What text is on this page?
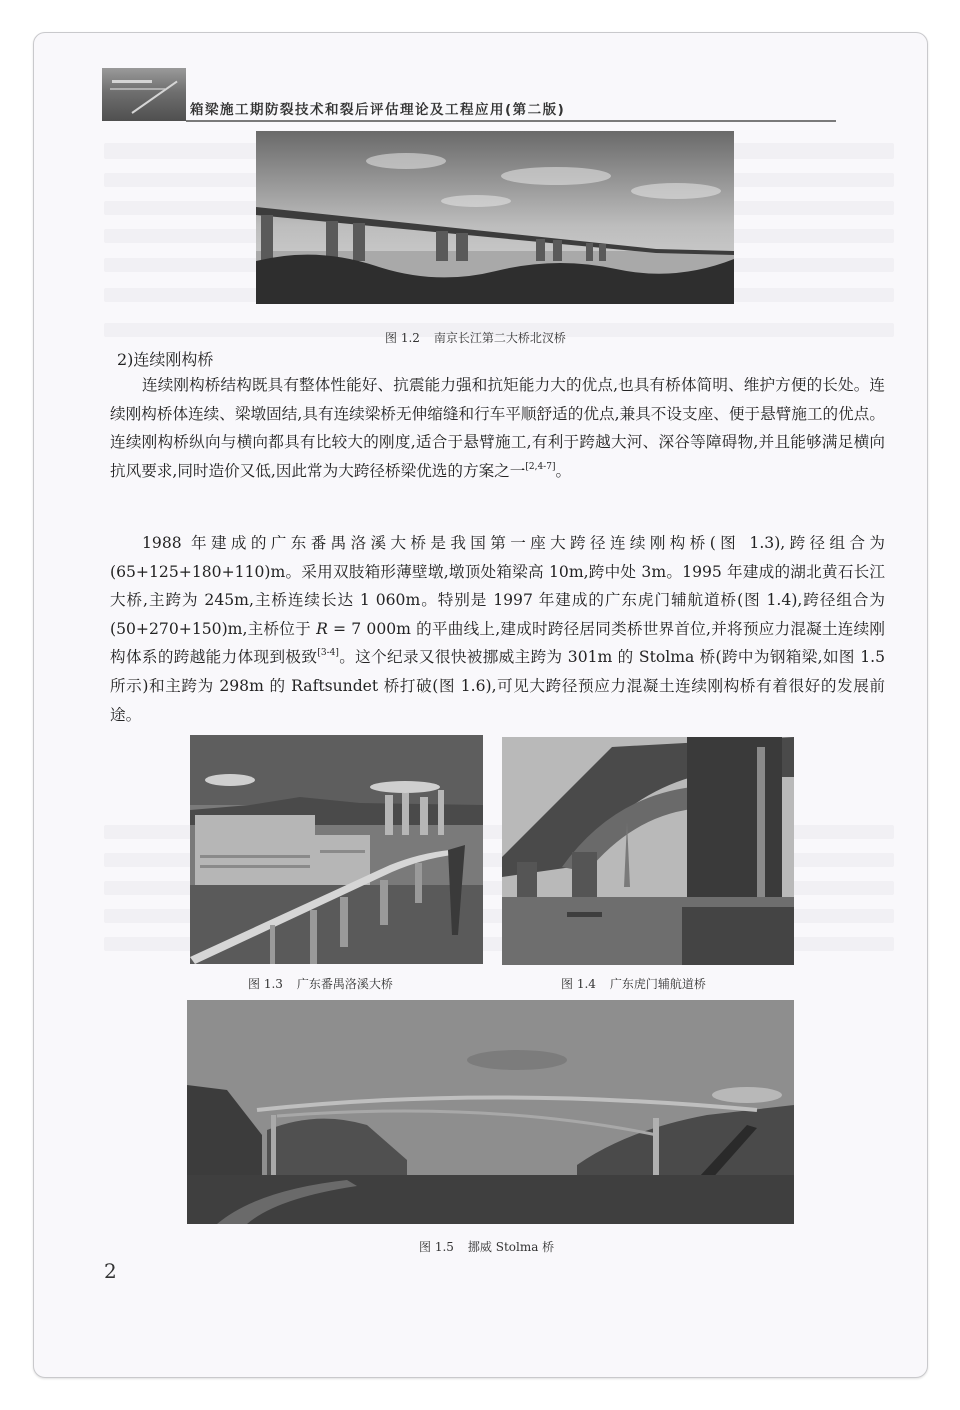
箱梁施工期防裂技术和裂后评估理论及工程应用(第二版)
图 1.2 南京长江第二大桥北汊桥
2)连续刚构桥

连续刚构桥结构既具有整体性能好、抗震能力强和抗矩能力大的优点,也具有桥体简明、维护方便的长处。连续刚构桥体连续、梁墩固结,具有连续梁桥无伸缩缝和行车平顺舒适的优点,兼具不设支座、便于悬臂施工的优点。连续刚构桥纵向与横向都具有比较大的刚度,适合于悬臂施工,有利于跨越大河、深谷等障碍物,并且能够满足横向抗风要求,同时造价又低,因此常为大跨径桥梁优选的方案之一[2,4-7]。

1988 年建成的广东番禺洛溪大桥是我国第一座大跨径连续刚构桥(图 1.3),跨径组合为(65+125+180+110)m。采用双肢箱形薄壁墩,墩顶处箱梁高 10m,跨中处 3m。1995 年建成的湖北黄石长江大桥,主跨为 245m,主桥连续长达 1 060m。特别是 1997 年建成的广东虎门辅航道桥(图 1.4),跨径组合为(50+270+150)m,主桥位于 R = 7 000m 的平曲线上,建成时跨径居同类桥世界首位,并将预应力混凝土连续刚构体系的跨越能力体现到极致[3-4]。这个纪录又很快被挪威主跨为 301m 的 Stolma 桥(跨中为钢箱梁,如图 1.5 所示)和主跨为 298m 的 Raftsundet 桥打破(图 1.6),可见大跨径预应力混凝土连续刚构桥有着很好的发展前途。

图 1.3 广东番禺洛溪大桥	图 1.4 广东虎门辅航道桥
图 1.5 挪威 Stolma 桥
2
